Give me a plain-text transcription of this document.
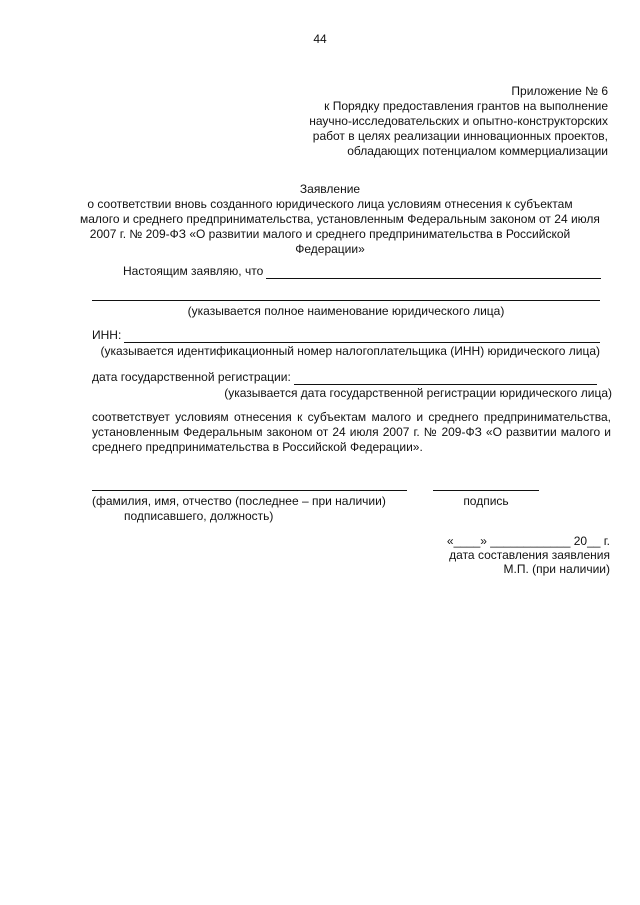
44
Приложение № 6
к Порядку предоставления грантов на выполнение
научно-исследовательских и опытно-конструкторских
работ в целях реализации инновационных проектов,
обладающих потенциалом коммерциализации
Заявление
о соответствии вновь созданного юридического лица условиям отнесения к субъектам
малого и среднего предпринимательства, установленным Федеральным законом от 24 июля
2007 г. № 209-ФЗ «О развитии малого и среднего предпринимательства в Российской
Федерации»
Настоящим заявляю, что
(указывается полное наименование юридического лица)
ИНН:
(указывается идентификационный номер налогоплательщика (ИНН) юридического лица)
дата государственной регистрации:
(указывается дата государственной регистрации юридического лица)
соответствует условиям отнесения к субъектам малого и среднего предпринимательства, установленным Федеральным законом от 24 июля 2007 г. № 209-ФЗ «О развитии малого и среднего предпринимательства в Российской Федерации».
(фамилия, имя, отчество (последнее – при наличии)
подписавшего, должность)
подпись
«____» ____________ 20__ г.
дата составления заявления
М.П. (при наличии)
